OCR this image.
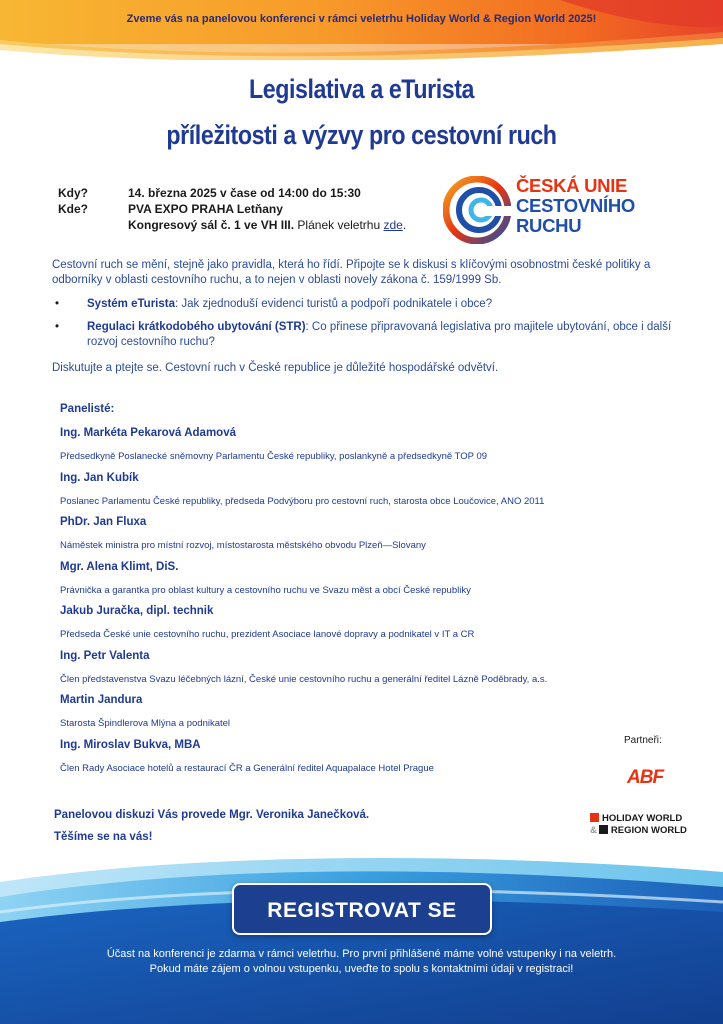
Zveme vás na panelovou konferenci v rámci veletrhu Holiday World & Region World 2025!
Legislativa a eTurista
příležitosti a výzvy pro cestovní ruch
Kdy?	14. března 2025 v čase od 14:00 do 15:30
Kde?	PVA EXPO PRAHA Letňany
Kongresový sál č. 1 ve VH III. Plánek veletrhu zde.
ČESKÁ UNIE
CESTOVNÍHO
RUCHU
Cestovní ruch se mění, stejně jako pravidla, která ho řídí. Připojte se k diskusi s klíčovými osobnostmi české politiky a odborníky v oblasti cestovního ruchu, a to nejen v oblasti novely zákona č. 159/1999 Sb.
• Systém eTurista: Jak zjednoduší evidenci turistů a podpoří podnikatele i obce?
• Regulaci krátkodobého ubytování (STR): Co přinese připravovaná legislativa pro majitele ubytování, obce i další rozvoj cestovního ruchu?
Diskutujte a ptejte se. Cestovní ruch v České republice je důležité hospodářské odvětví.
Panelisté:
Ing. Markéta Pekarová Adamová
Předsedkyně Poslanecké sněmovny Parlamentu České republiky, poslankyně a předsedkyně TOP 09
Ing. Jan Kubík
Poslanec Parlamentu České republiky, předseda Podvýboru pro cestovní ruch, starosta obce Loučovice, ANO 2011
PhDr. Jan Fluxa
Náměstek ministra pro místní rozvoj, místostarosta městského obvodu Plzeň—Slovany
Mgr. Alena Klimt, DiS.
Právnička a garantka pro oblast kultury a cestovního ruchu ve Svazu měst a obcí České republiky
Jakub Juračka, dipl. technik
Předseda České unie cestovního ruchu, prezident Asociace lanové dopravy a podnikatel v IT a CR
Ing. Petr Valenta
Člen představenstva Svazu léčebných lázní, České unie cestovního ruchu a generální ředitel Lázně Poděbrady, a.s.
Martin Jandura
Starosta Špindlerova Mlýna a podnikatel
Ing. Miroslav Bukva, MBA
Člen Rady Asociace hotelů a restaurací ČR a Generální ředitel Aquapalace Hotel Prague
Partneři:
ABF
HOLIDAY WORLD
& REGION WORLD
Panelovou diskuzi Vás provede Mgr. Veronika Janečková.
Těšíme se na vás!
REGISTROVAT SE
Účast na konferenci je zdarma v rámci veletrhu. Pro první přihlášené máme volné vstupenky i na veletrh.
Pokud máte zájem o volnou vstupenku, uveďte to spolu s kontaktními údaji v registraci!
